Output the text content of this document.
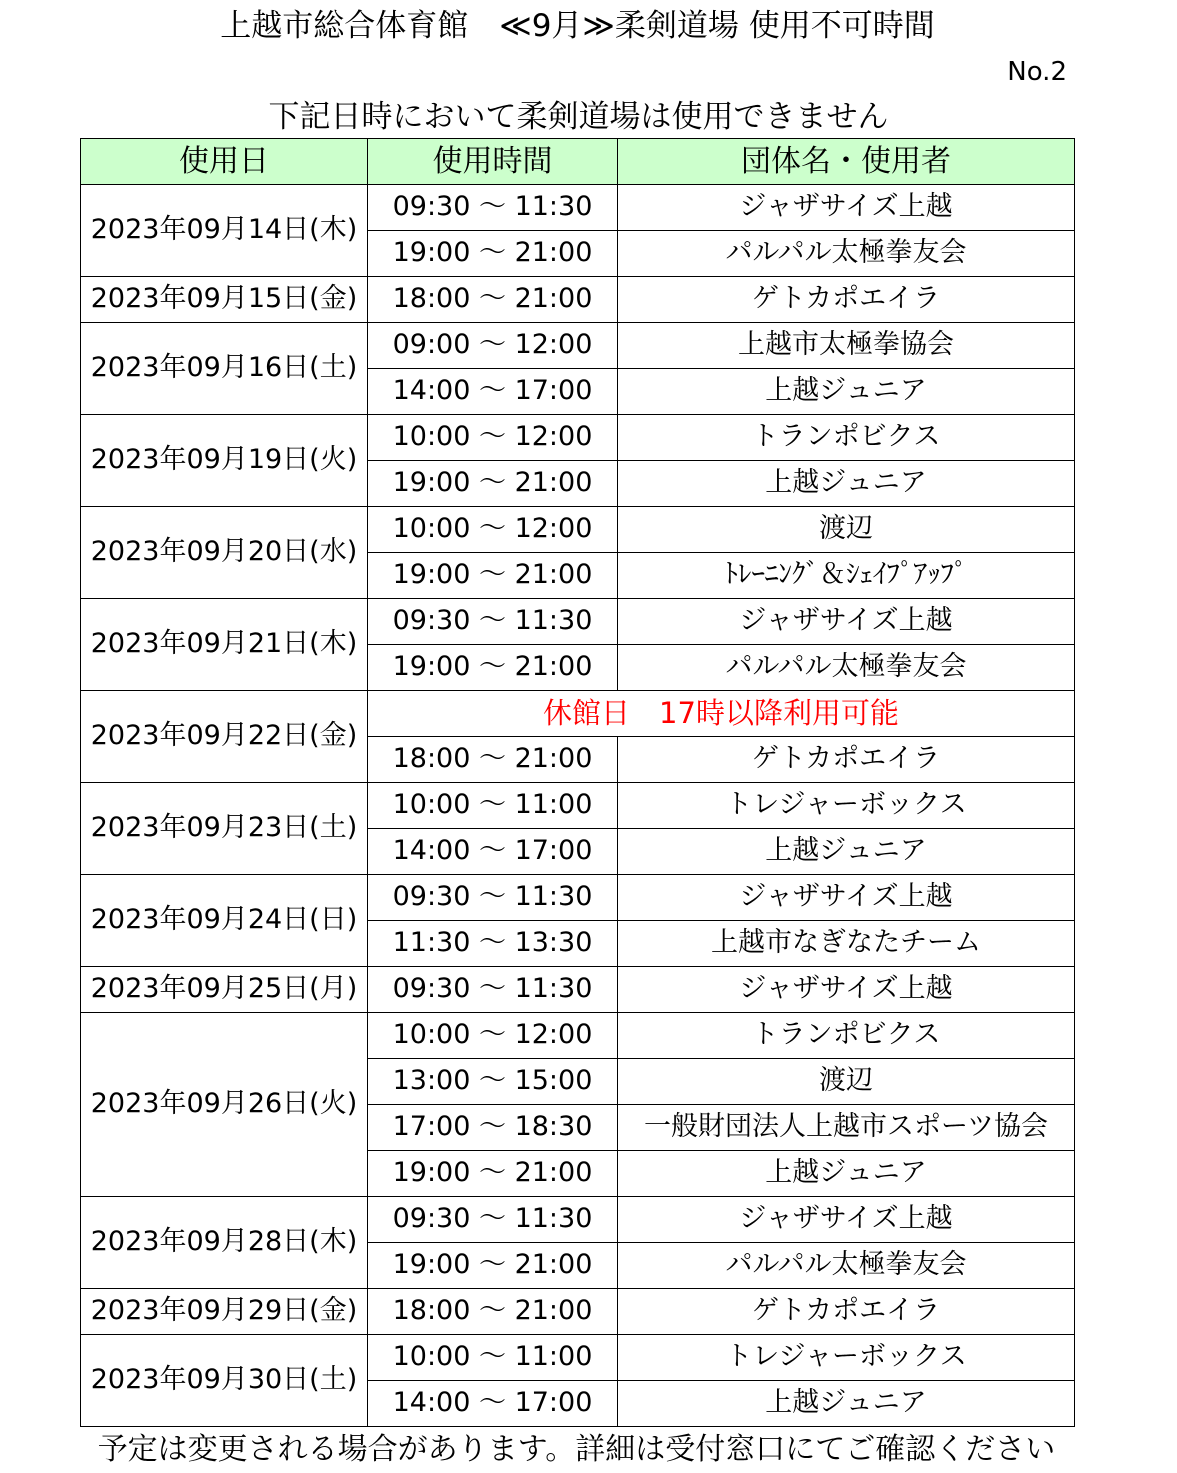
上越市総合体育館　≪9月≫柔剣道場 使用不可時間
No.2
下記日時において柔剣道場は使用できません
使用日	使用時間	団体名・使用者
2023年09月14日(木)	09:30 ～ 11:30	ジャザサイズ上越
	19:00 ～ 21:00	パルパル太極拳友会
2023年09月15日(金)	18:00 ～ 21:00	ゲトカポエイラ
2023年09月16日(土)	09:00 ～ 12:00	上越市太極拳協会
	14:00 ～ 17:00	上越ジュニア
2023年09月19日(火)	10:00 ～ 12:00	トランポビクス
	19:00 ～ 21:00	上越ジュニア
2023年09月20日(水)	10:00 ～ 12:00	渡辺
	19:00 ～ 21:00	ﾄﾚｰﾆﾝｸﾞ＆ｼｪｲﾌﾟｱｯﾌﾟ
2023年09月21日(木)	09:30 ～ 11:30	ジャザサイズ上越
	19:00 ～ 21:00	パルパル太極拳友会
2023年09月22日(金)	休館日　17時以降利用可能	
	18:00 ～ 21:00	ゲトカポエイラ
2023年09月23日(土)	10:00 ～ 11:00	トレジャーボックス
	14:00 ～ 17:00	上越ジュニア
2023年09月24日(日)	09:30 ～ 11:30	ジャザサイズ上越
	11:30 ～ 13:30	上越市なぎなたチーム
2023年09月25日(月)	09:30 ～ 11:30	ジャザサイズ上越
2023年09月26日(火)	10:00 ～ 12:00	トランポビクス
	13:00 ～ 15:00	渡辺
	17:00 ～ 18:30	一般財団法人上越市スポーツ協会
	19:00 ～ 21:00	上越ジュニア
2023年09月28日(木)	09:30 ～ 11:30	ジャザサイズ上越
	19:00 ～ 21:00	パルパル太極拳友会
2023年09月29日(金)	18:00 ～ 21:00	ゲトカポエイラ
2023年09月30日(土)	10:00 ～ 11:00	トレジャーボックス
	14:00 ～ 17:00	上越ジュニア
予定は変更される場合があります。詳細は受付窓口にてご確認ください
